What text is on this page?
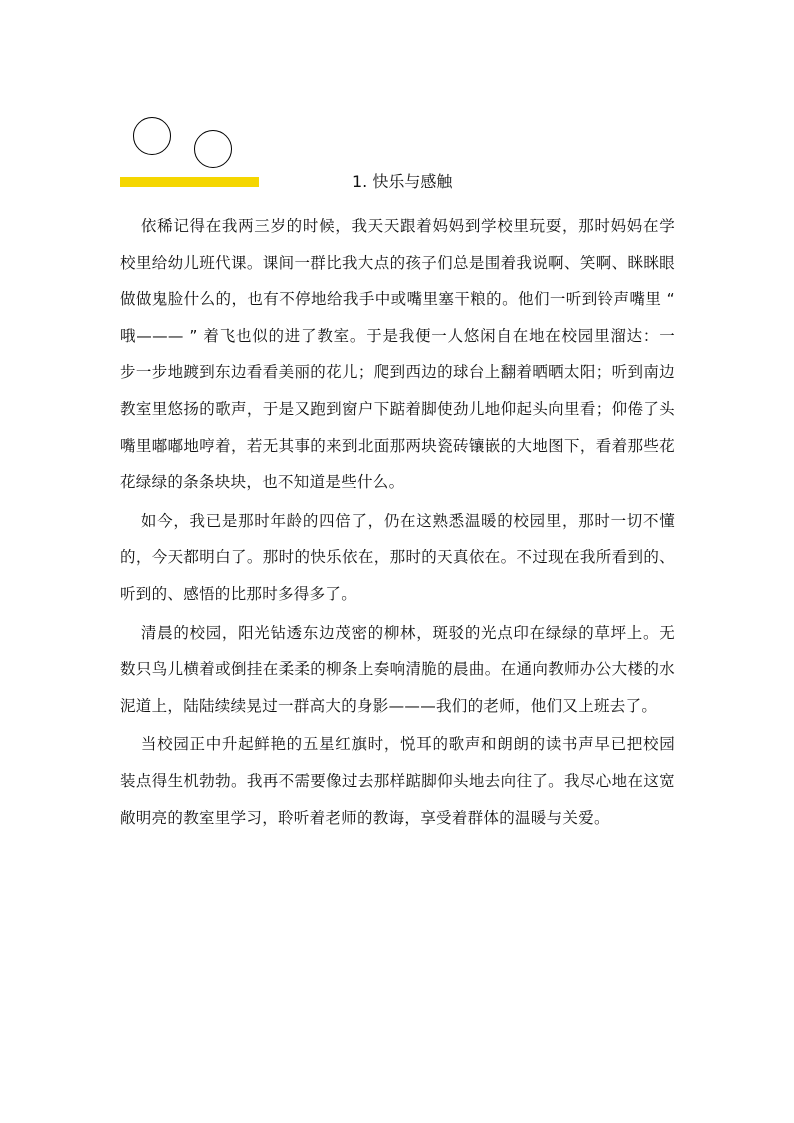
1. 快乐与感触

依稀记得在我两三岁的时候，我天天跟着妈妈到学校里玩耍，那时妈妈在学校里给幼儿班代课。课间一群比我大点的孩子们总是围着我说啊、笑啊、眯眯眼做做鬼脸什么的，也有不停地给我手中或嘴里塞干粮的。他们一听到铃声嘴里 “ 哦——— ” 着飞也似的进了教室。于是我便一人悠闲自在地在校园里溜达：一步一步地踱到东边看看美丽的花儿；爬到西边的球台上翻着晒晒太阳；听到南边教室里悠扬的歌声，于是又跑到窗户下踮着脚使劲儿地仰起头向里看；仰倦了头嘴里嘟嘟地哼着，若无其事的来到北面那两块瓷砖镶嵌的大地图下，看着那些花花绿绿的条条块块，也不知道是些什么。

如今，我已是那时年龄的四倍了，仍在这熟悉温暖的校园里，那时一切不懂的，今天都明白了。那时的快乐依在，那时的天真依在。不过现在我所看到的、听到的、感悟的比那时多得多了。

清晨的校园，阳光钻透东边茂密的柳林，斑驳的光点印在绿绿的草坪上。无数只鸟儿横着或倒挂在柔柔的柳条上奏响清脆的晨曲。在通向教师办公大楼的水泥道上，陆陆续续晃过一群高大的身影———我们的老师，他们又上班去了。

当校园正中升起鲜艳的五星红旗时，悦耳的歌声和朗朗的读书声早已把校园装点得生机勃勃。我再不需要像过去那样踮脚仰头地去向往了。我尽心地在这宽敞明亮的教室里学习，聆听着老师的教诲，享受着群体的温暖与关爱。
